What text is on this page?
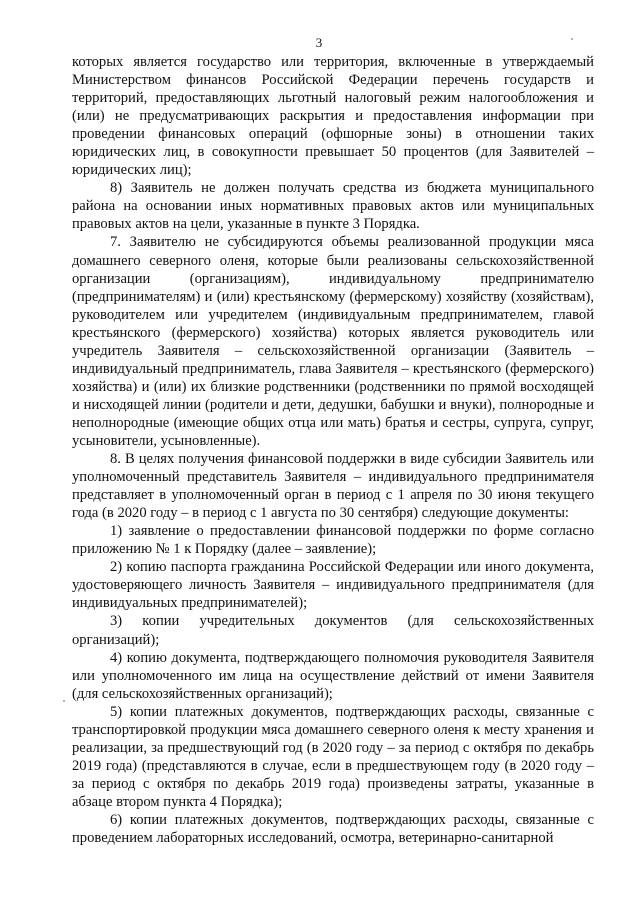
3

которых является государство или территория, включенные в утверждаемый Министерством финансов Российской Федерации перечень государств и территорий, предоставляющих льготный налоговый режим налогообложения и (или) не предусматривающих раскрытия и предоставления информации при проведении финансовых операций (офшорные зоны) в отношении таких юридических лиц, в совокупности превышает 50 процентов (для Заявителей – юридических лиц);

8) Заявитель не должен получать средства из бюджета муниципального района на основании иных нормативных правовых актов или муниципальных правовых актов на цели, указанные в пункте 3 Порядка.

7. Заявителю не субсидируются объемы реализованной продукции мяса домашнего северного оленя, которые были реализованы сельскохозяйственной организации (организациям), индивидуальному предпринимателю (предпринимателям) и (или) крестьянскому (фермерскому) хозяйству (хозяйствам), руководителем или учредителем (индивидуальным предпринимателем, главой крестьянского (фермерского) хозяйства) которых является руководитель или учредитель Заявителя – сельскохозяйственной организации (Заявитель – индивидуальный предприниматель, глава Заявителя – крестьянского (фермерского) хозяйства) и (или) их близкие родственники (родственники по прямой восходящей и нисходящей линии (родители и дети, дедушки, бабушки и внуки), полнородные и неполнородные (имеющие общих отца или мать) братья и сестры, супруга, супруг, усыновители, усыновленные).

8. В целях получения финансовой поддержки в виде субсидии Заявитель или уполномоченный представитель Заявителя – индивидуального предпринимателя представляет в уполномоченный орган в период с 1 апреля по 30 июня текущего года (в 2020 году – в период с 1 августа по 30 сентября) следующие документы:

1) заявление о предоставлении финансовой поддержки по форме согласно приложению № 1 к Порядку (далее – заявление);

2) копию паспорта гражданина Российской Федерации или иного документа, удостоверяющего личность Заявителя – индивидуального предпринимателя (для индивидуальных предпринимателей);

3) копии учредительных документов (для сельскохозяйственных организаций);

4) копию документа, подтверждающего полномочия руководителя Заявителя или уполномоченного им лица на осуществление действий от имени Заявителя (для сельскохозяйственных организаций);

5) копии платежных документов, подтверждающих расходы, связанные с транспортировкой продукции мяса домашнего северного оленя к месту хранения и реализации, за предшествующий год (в 2020 году – за период с октября по декабрь 2019 года) (представляются в случае, если в предшествующем году (в 2020 году – за период с октября по декабрь 2019 года) произведены затраты, указанные в абзаце втором пункта 4 Порядка);

6) копии платежных документов, подтверждающих расходы, связанные с проведением лабораторных исследований, осмотра, ветеринарно-санитарной
